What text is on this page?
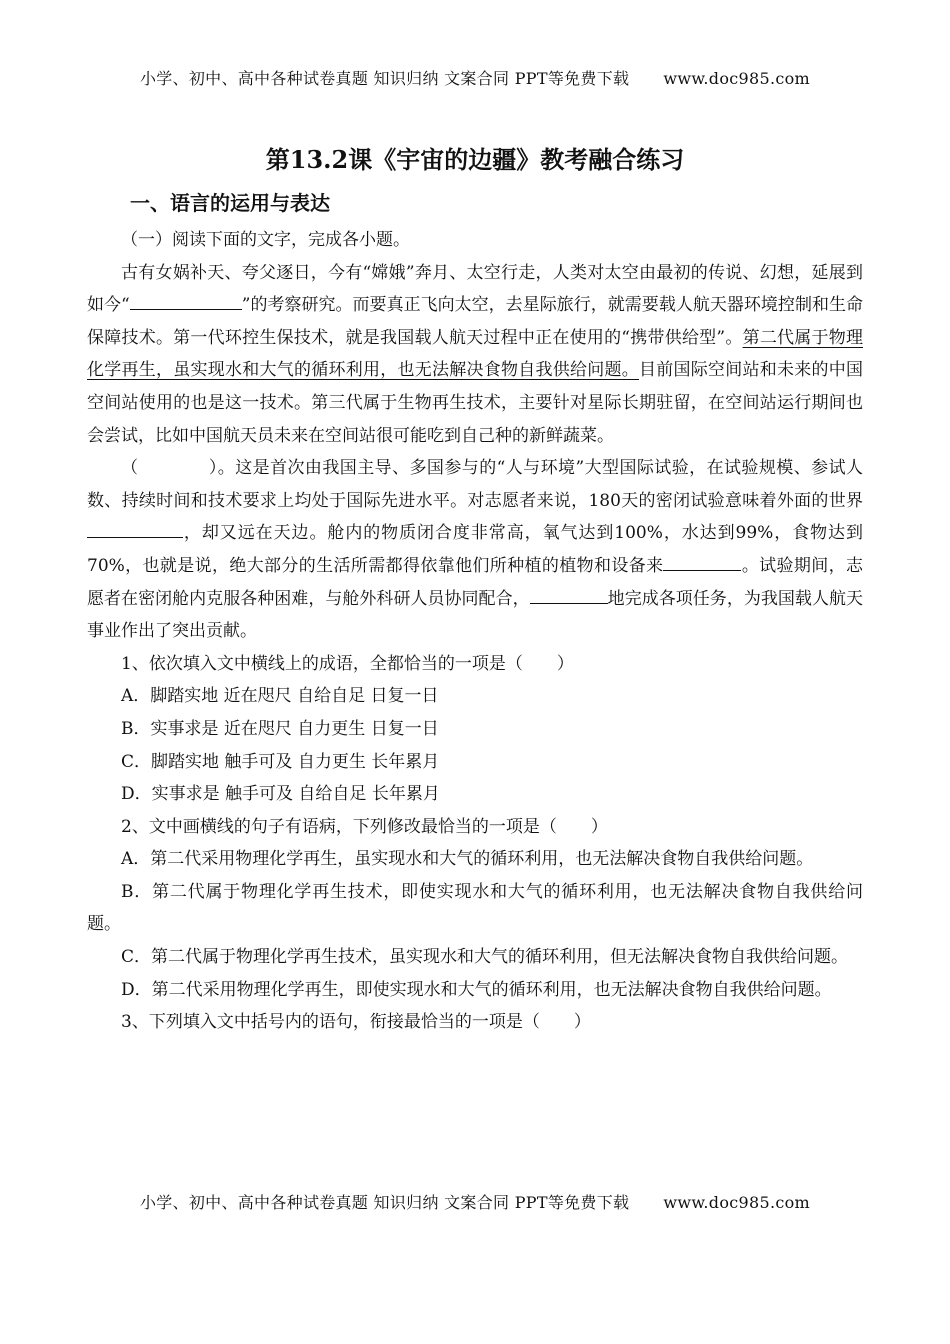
小学、初中、高中各种试卷真题 知识归纳 文案合同 PPT等免费下载 www.doc985.com
第13.2课《宇宙的边疆》教考融合练习
一、语言的运用与表达

（一）阅读下面的文字，完成各小题。

古有女娲补天、夸父逐日，今有“嫦娥”奔月、太空行走，人类对太空由最初的传说、幻想，延展到如今“	”的考察研究。而要真正飞向太空，去星际旅行，就需要载人航天器环境控制和生命保障技术。第一代环控生保技术，就是我国载人航天过程中正在使用的“携带供给型”。第二代属于物理化学再生，虽实现水和大气的循环利用，也无法解决食物自我供给问题。目前国际空间站和未来的中国空间站使用的也是这一技术。第三代属于生物再生技术，主要针对星际长期驻留，在空间站运行期间也会尝试，比如中国航天员未来在空间站很可能吃到自己种的新鲜蔬菜。

（	）。这是首次由我国主导、多国参与的“人与环境”大型国际试验，在试验规模、参试人数、持续时间和技术要求上均处于国际先进水平。对志愿者来说，180天的密闭试验意味着外面的世界，却又远在天边。舱内的物质闭合度非常高，氧气达到100%，水达到99%，食物达到70%，也就是说，绝大部分的生活所需都得依靠他们所种植的植物和设备来	。试验期间，志愿者在密闭舱内克服各种困难，与舱外科研人员协同配合，	地完成各项任务，为我国载人航天事业作出了突出贡献。

1、依次填入文中横线上的成语，全都恰当的一项是（　　）

A．脚踏实地 近在咫尺 自给自足 日复一日

B．实事求是 近在咫尺 自力更生 日复一日

C．脚踏实地 触手可及 自力更生 长年累月

D．实事求是 触手可及 自给自足 长年累月

2、文中画横线的句子有语病，下列修改最恰当的一项是（　　）

A．第二代采用物理化学再生，虽实现水和大气的循环利用，也无法解决食物自我供给问题。

B．第二代属于物理化学再生技术，即使实现水和大气的循环利用，也无法解决食物自我供给问题。

C．第二代属于物理化学再生技术，虽实现水和大气的循环利用，但无法解决食物自我供给问题。

D．第二代采用物理化学再生，即使实现水和大气的循环利用，也无法解决食物自我供给问题。

3、下列填入文中括号内的语句，衔接最恰当的一项是（　　）

小学、初中、高中各种试卷真题 知识归纳 文案合同 PPT等免费下载 www.doc985.com
